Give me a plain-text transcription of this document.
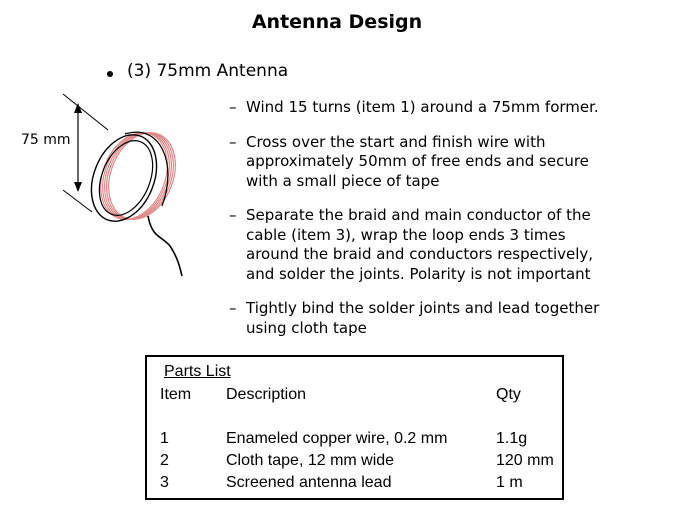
Antenna Design
(3) 75mm Antenna
75 mm
– Wind 15 turns (item 1) around a 75mm former.
– Cross over the start and finish wire with
approximately 50mm of free ends and secure
with a small piece of tape
– Separate the braid and main conductor of the
cable (item 3), wrap the loop ends 3 times
around the braid and conductors respectively,
and solder the joints. Polarity is not important
– Tightly bind the solder joints and lead together
using cloth tape
Parts List
Item Description	Qty
1	Enameled copper wire, 0.2 mm	1.1g
2	Cloth tape, 12 mm wide	120 mm
3	Screened antenna lead	1 m
